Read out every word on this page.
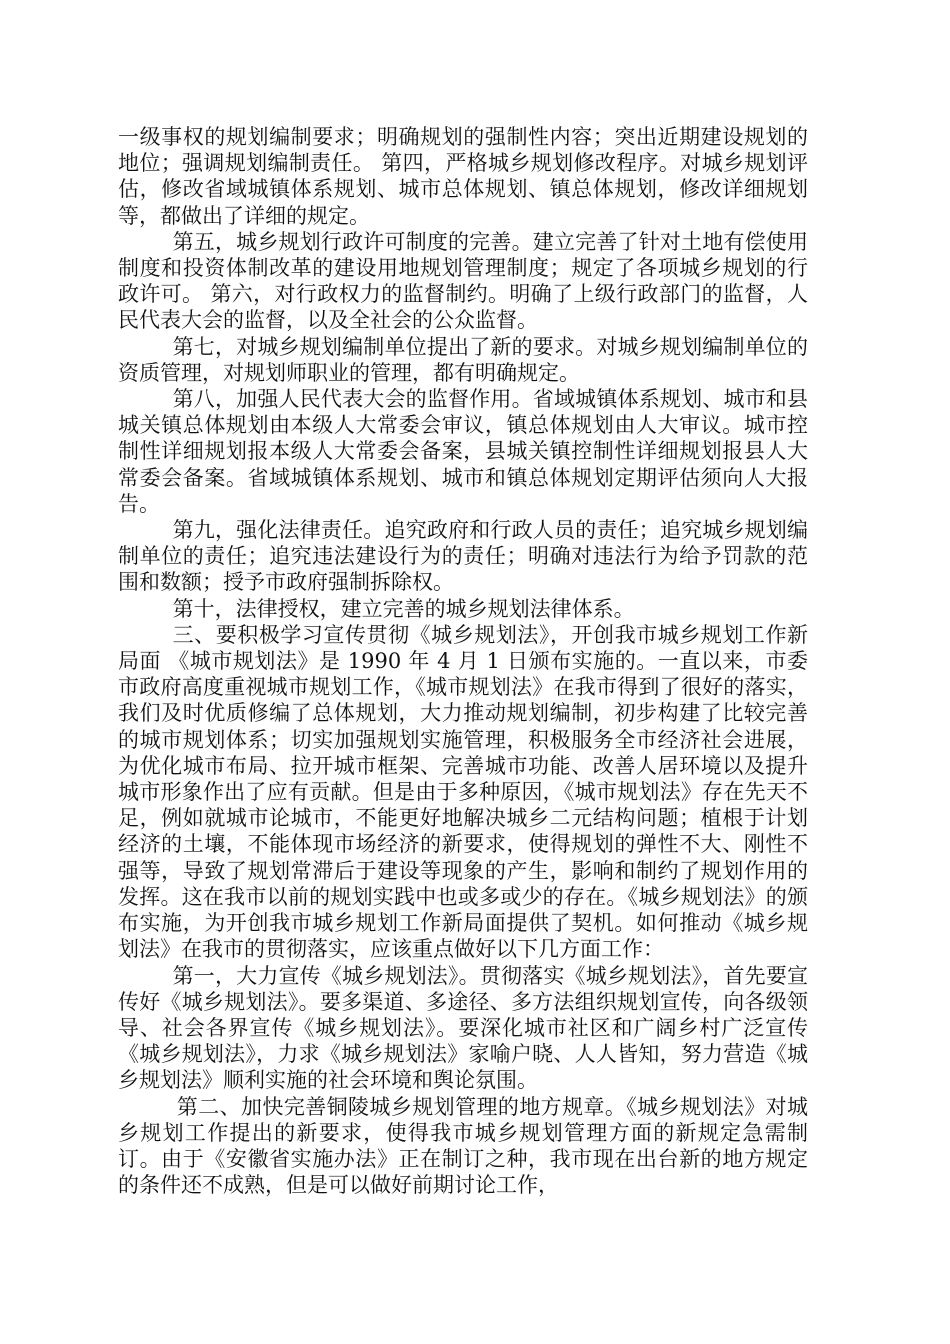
一级事权的规划编制要求；明确规划的强制性内容；突出近期建设规划的地位；强调规划编制责任。 第四，严格城乡规划修改程序。对城乡规划评估，修改省域城镇体系规划、城市总体规划、镇总体规划，修改详细规划等，都做出了详细的规定。

第五，城乡规划行政许可制度的完善。建立完善了针对土地有偿使用制度和投资体制改革的建设用地规划管理制度；规定了各项城乡规划的行政许可。 第六，对行政权力的监督制约。明确了上级行政部门的监督，人民代表大会的监督，以及全社会的公众监督。

第七，对城乡规划编制单位提出了新的要求。对城乡规划编制单位的资质管理，对规划师职业的管理，都有明确规定。

第八，加强人民代表大会的监督作用。省域城镇体系规划、城市和县城关镇总体规划由本级人大常委会审议，镇总体规划由人大审议。城市控制性详细规划报本级人大常委会备案，县城关镇控制性详细规划报县人大常委会备案。省域城镇体系规划、城市和镇总体规划定期评估须向人大报告。

第九，强化法律责任。追究政府和行政人员的责任；追究城乡规划编制单位的责任；追究违法建设行为的责任；明确对违法行为给予罚款的范围和数额；授予市政府强制拆除权。

第十，法律授权，建立完善的城乡规划法律体系。

三、要积极学习宣传贯彻《城乡规划法》，开创我市城乡规划工作新局面 《城市规划法》是 1990 年 4 月 1 日颁布实施的。一直以来，市委市政府高度重视城市规划工作，《城市规划法》在我市得到了很好的落实，我们及时优质修编了总体规划，大力推动规划编制，初步构建了比较完善的城市规划体系；切实加强规划实施管理，积极服务全市经济社会进展，为优化城市布局、拉开城市框架、完善城市功能、改善人居环境以及提升城市形象作出了应有贡献。但是由于多种原因，《城市规划法》存在先天不足，例如就城市论城市，不能更好地解决城乡二元结构问题；植根于计划经济的土壤，不能体现市场经济的新要求，使得规划的弹性不大、刚性不强等，导致了规划常滞后于建设等现象的产生，影响和制约了规划作用的发挥。这在我市以前的规划实践中也或多或少的存在。《城乡规划法》的颁布实施，为开创我市城乡规划工作新局面提供了契机。如何推动《城乡规划法》在我市的贯彻落实，应该重点做好以下几方面工作：

第一，大力宣传《城乡规划法》。贯彻落实《城乡规划法》，首先要宣传好《城乡规划法》。要多渠道、多途径、多方法组织规划宣传，向各级领导、社会各界宣传《城乡规划法》。要深化城市社区和广阔乡村广泛宣传《城乡规划法》，力求《城乡规划法》家喻户晓、人人皆知，努力营造《城乡规划法》顺利实施的社会环境和舆论氛围。

第二、加快完善铜陵城乡规划管理的地方规章。《城乡规划法》对城乡规划工作提出的新要求，使得我市城乡规划管理方面的新规定急需制订。由于《安徽省实施办法》正在制订之种，我市现在出台新的地方规定的条件还不成熟，但是可以做好前期讨论工作，
